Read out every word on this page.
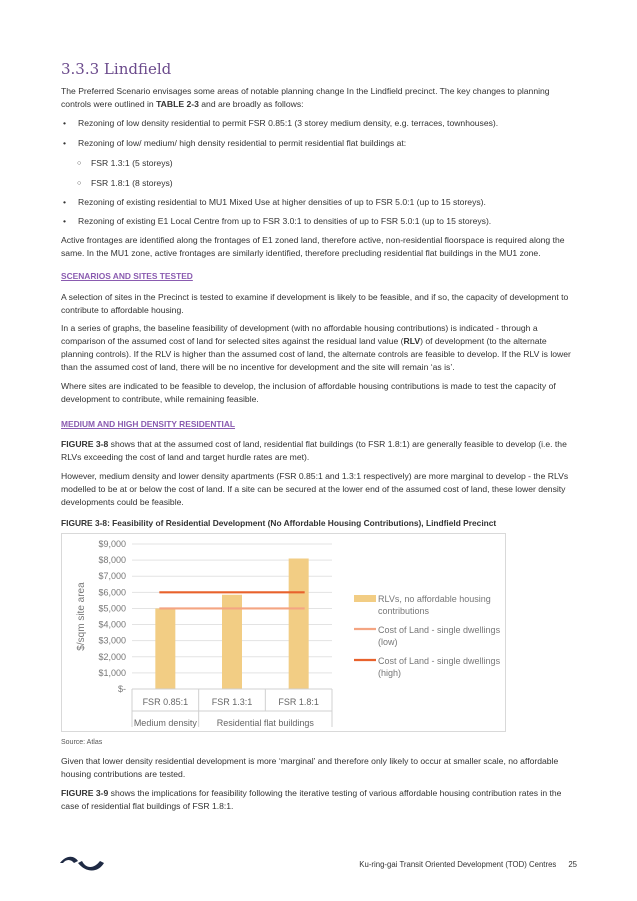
3.3.3 Lindfield

The Preferred Scenario envisages some areas of notable planning change In the Lindfield precinct. The key changes to planning controls were outlined in TABLE 2-3 and are broadly as follows:

• Rezoning of low density residential to permit FSR 0.85:1 (3 storey medium density, e.g. terraces, townhouses).
• Rezoning of low/ medium/ high density residential to permit residential flat buildings at:
○ FSR 1.3:1 (5 storeys)
○ FSR 1.8:1 (8 storeys)
• Rezoning of existing residential to MU1 Mixed Use at higher densities of up to FSR 5.0:1 (up to 15 storeys).
• Rezoning of existing E1 Local Centre from up to FSR 3.0:1 to densities of up to FSR 5.0:1 (up to 15 storeys).

Active frontages are identified along the frontages of E1 zoned land, therefore active, non-residential floorspace is required along the same. In the MU1 zone, active frontages are similarly identified, therefore precluding residential flat buildings in the MU1 zone.

SCENARIOS AND SITES TESTED

A selection of sites in the Precinct is tested to examine if development is likely to be feasible, and if so, the capacity of development to contribute to affordable housing.

In a series of graphs, the baseline feasibility of development (with no affordable housing contributions) is indicated - through a comparison of the assumed cost of land for selected sites against the residual land value (RLV) of development (to the alternate planning controls). If the RLV is higher than the assumed cost of land, the alternate controls are feasible to develop. If the RLV is lower than the assumed cost of land, there will be no incentive for development and the site will remain ‘as is’.

Where sites are indicated to be feasible to develop, the inclusion of affordable housing contributions is made to test the capacity of development to contribute, while remaining feasible.

MEDIUM AND HIGH DENSITY RESIDENTIAL

FIGURE 3-8 shows that at the assumed cost of land, residential flat buildings (to FSR 1.8:1) are generally feasible to develop (i.e. the RLVs exceeding the cost of land and target hurdle rates are met).

However, medium density and lower density apartments (FSR 0.85:1 and 1.3:1 respectively) are more marginal to develop - the RLVs modelled to be at or below the cost of land. If a site can be secured at the lower end of the assumed cost of land, these lower density developments could be feasible.

FIGURE 3-8: Feasibility of Residential Development (No Affordable Housing Contributions), Lindfield Precinct
$-
$1,000
$2,000
$3,000
$4,000
$5,000
$6,000
$7,000
$8,000
$9,000
$/sqm site area
FSR 0.85:1	FSR 1.3:1	FSR 1.8:1
Medium density Residential flat buildings
RLVs, no affordable housing
contributions
Cost of Land - single dwellings
(low)
Cost of Land - single dwellings
(high)
Source: Atlas

Given that lower density residential development is more ‘marginal’ and therefore only likely to occur at smaller scale, no affordable housing contributions are tested.

FIGURE 3-9 shows the implications for feasibility following the iterative testing of various affordable housing contribution rates in the case of residential flat buildings of FSR 1.8:1.

Ku-ring-gai Transit Oriented Development (TOD) Centres 25
